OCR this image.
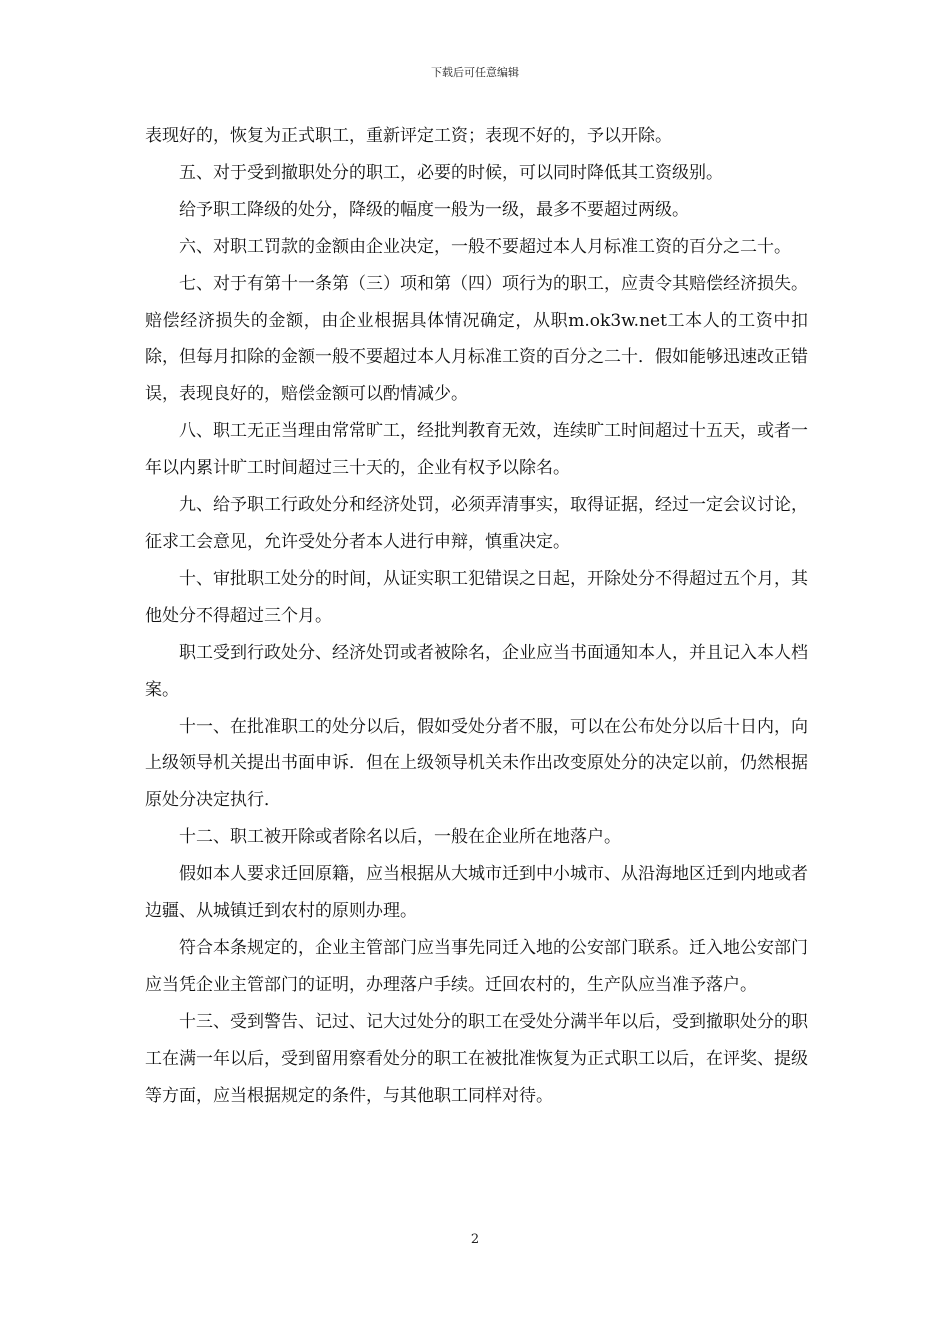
下载后可任意编辑

表现好的，恢复为正式职工，重新评定工资；表现不好的，予以开除。

五、对于受到撤职处分的职工，必要的时候，可以同时降低其工资级别。

给予职工降级的处分，降级的幅度一般为一级，最多不要超过两级。

六、对职工罚款的金额由企业决定，一般不要超过本人月标准工资的百分之二十。

七、对于有第十一条第（三）项和第（四）项行为的职工，应责令其赔偿经济损失。赔偿经济损失的金额，由企业根据具体情况确定，从职m.ok3w.net工本人的工资中扣除，但每月扣除的金额一般不要超过本人月标准工资的百分之二十．假如能够迅速改正错误，表现良好的，赔偿金额可以酌情减少。

八、职工无正当理由常常旷工，经批判教育无效，连续旷工时间超过十五天，或者一年以内累计旷工时间超过三十天的，企业有权予以除名。

九、给予职工行政处分和经济处罚，必须弄清事实，取得证据，经过一定会议讨论，征求工会意见，允许受处分者本人进行申辩，慎重决定。

十、审批职工处分的时间，从证实职工犯错误之日起，开除处分不得超过五个月，其他处分不得超过三个月。

职工受到行政处分、经济处罚或者被除名，企业应当书面通知本人，并且记入本人档案。

十一、在批准职工的处分以后，假如受处分者不服，可以在公布处分以后十日内，向上级领导机关提出书面申诉．但在上级领导机关未作出改变原处分的决定以前，仍然根据原处分决定执行．

十二、职工被开除或者除名以后，一般在企业所在地落户。

假如本人要求迁回原籍，应当根据从大城市迁到中小城市、从沿海地区迁到内地或者边疆、从城镇迁到农村的原则办理。

符合本条规定的，企业主管部门应当事先同迁入地的公安部门联系。迁入地公安部门应当凭企业主管部门的证明，办理落户手续。迁回农村的，生产队应当准予落户。

十三、受到警告、记过、记大过处分的职工在受处分满半年以后，受到撤职处分的职工在满一年以后，受到留用察看处分的职工在被批准恢复为正式职工以后，在评奖、提级等方面，应当根据规定的条件，与其他职工同样对待。

2
